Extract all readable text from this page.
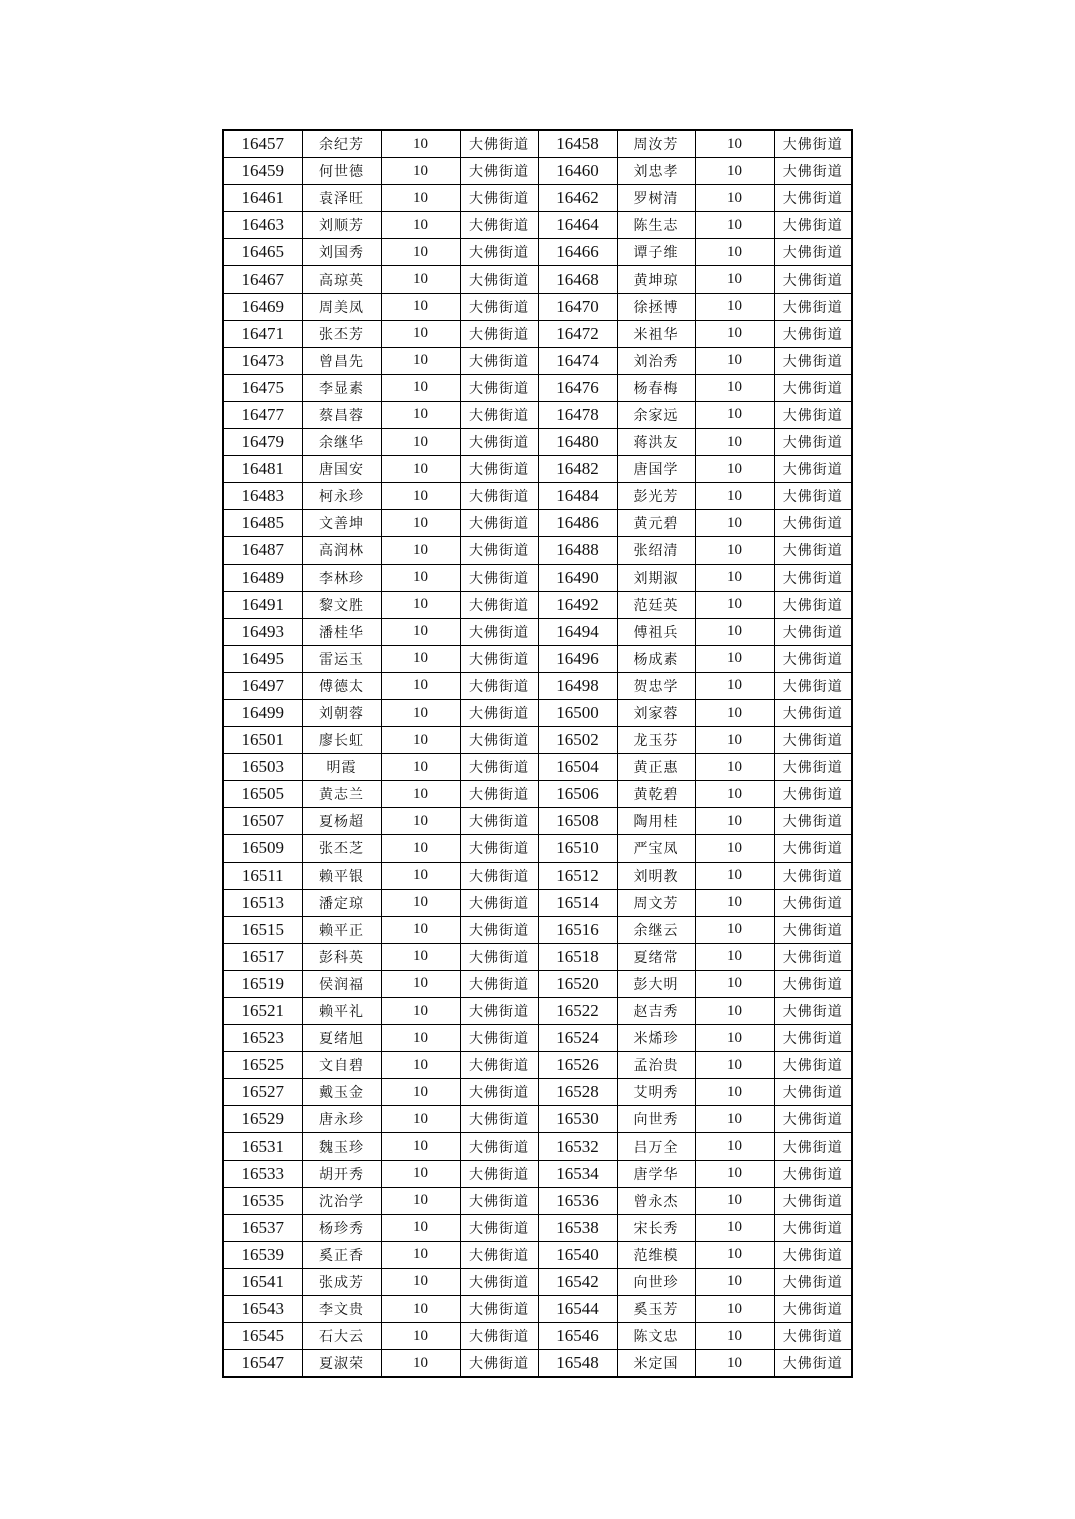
16457	余纪芳	10	大佛街道	16458	周汝芳	10	大佛街道
16459	何世德	10	大佛街道	16460	刘忠孝	10	大佛街道
16461	袁泽旺	10	大佛街道	16462	罗树清	10	大佛街道
16463	刘顺芳	10	大佛街道	16464	陈生志	10	大佛街道
16465	刘国秀	10	大佛街道	16466	谭子维	10	大佛街道
16467	高琼英	10	大佛街道	16468	黄坤琼	10	大佛街道
16469	周美凤	10	大佛街道	16470	徐拯博	10	大佛街道
16471	张丕芳	10	大佛街道	16472	米祖华	10	大佛街道
16473	曾昌先	10	大佛街道	16474	刘治秀	10	大佛街道
16475	李显素	10	大佛街道	16476	杨春梅	10	大佛街道
16477	蔡昌蓉	10	大佛街道	16478	余家远	10	大佛街道
16479	余继华	10	大佛街道	16480	蒋洪友	10	大佛街道
16481	唐国安	10	大佛街道	16482	唐国学	10	大佛街道
16483	柯永珍	10	大佛街道	16484	彭光芳	10	大佛街道
16485	文善坤	10	大佛街道	16486	黄元碧	10	大佛街道
16487	高润林	10	大佛街道	16488	张绍清	10	大佛街道
16489	李林珍	10	大佛街道	16490	刘期淑	10	大佛街道
16491	黎文胜	10	大佛街道	16492	范廷英	10	大佛街道
16493	潘桂华	10	大佛街道	16494	傅祖兵	10	大佛街道
16495	雷运玉	10	大佛街道	16496	杨成素	10	大佛街道
16497	傅德太	10	大佛街道	16498	贺忠学	10	大佛街道
16499	刘朝蓉	10	大佛街道	16500	刘家蓉	10	大佛街道
16501	廖长虹	10	大佛街道	16502	龙玉芬	10	大佛街道
16503	明霞	10	大佛街道	16504	黄正惠	10	大佛街道
16505	黄志兰	10	大佛街道	16506	黄乾碧	10	大佛街道
16507	夏杨超	10	大佛街道	16508	陶用桂	10	大佛街道
16509	张丕芝	10	大佛街道	16510	严宝凤	10	大佛街道
16511	赖平银	10	大佛街道	16512	刘明教	10	大佛街道
16513	潘定琼	10	大佛街道	16514	周文芳	10	大佛街道
16515	赖平正	10	大佛街道	16516	余继云	10	大佛街道
16517	彭科英	10	大佛街道	16518	夏绪常	10	大佛街道
16519	侯润福	10	大佛街道	16520	彭大明	10	大佛街道
16521	赖平礼	10	大佛街道	16522	赵吉秀	10	大佛街道
16523	夏绪旭	10	大佛街道	16524	米烯珍	10	大佛街道
16525	文自碧	10	大佛街道	16526	孟治贵	10	大佛街道
16527	戴玉金	10	大佛街道	16528	艾明秀	10	大佛街道
16529	唐永珍	10	大佛街道	16530	向世秀	10	大佛街道
16531	魏玉珍	10	大佛街道	16532	吕万全	10	大佛街道
16533	胡开秀	10	大佛街道	16534	唐学华	10	大佛街道
16535	沈治学	10	大佛街道	16536	曾永杰	10	大佛街道
16537	杨珍秀	10	大佛街道	16538	宋长秀	10	大佛街道
16539	奚正香	10	大佛街道	16540	范维模	10	大佛街道
16541	张成芳	10	大佛街道	16542	向世珍	10	大佛街道
16543	李文贵	10	大佛街道	16544	奚玉芳	10	大佛街道
16545	石大云	10	大佛街道	16546	陈文忠	10	大佛街道
16547	夏淑荣	10	大佛街道	16548	米定国	10	大佛街道
